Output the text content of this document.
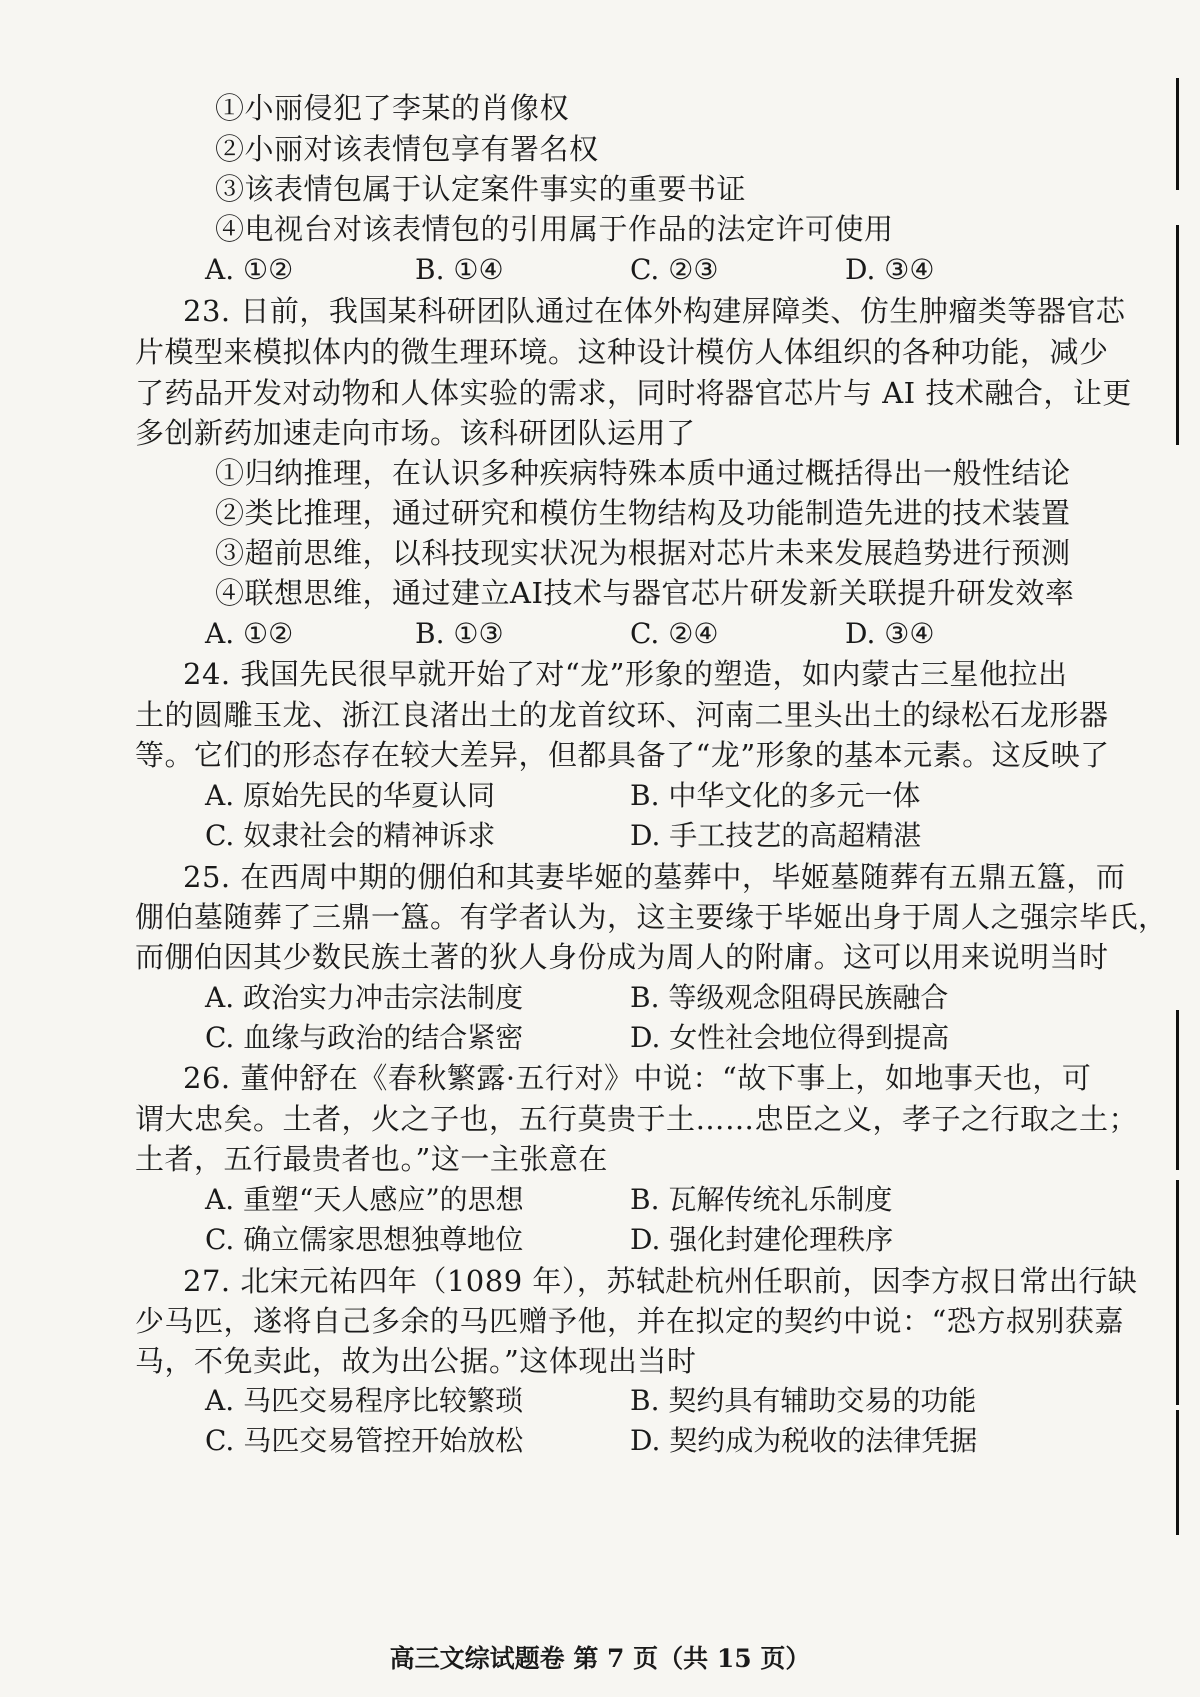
①小丽侵犯了李某的肖像权
②小丽对该表情包享有署名权
③该表情包属于认定案件事实的重要书证
④电视台对该表情包的引用属于作品的法定许可使用
A. ①②	B. ①④	C. ②③	D. ③④
23. 日前，我国某科研团队通过在体外构建屏障类、仿生肿瘤类等器官芯
片模型来模拟体内的微生理环境。这种设计模仿人体组织的各种功能，减少
了药品开发对动物和人体实验的需求，同时将器官芯片与 AI 技术融合，让更
多创新药加速走向市场。该科研团队运用了
①归纳推理，在认识多种疾病特殊本质中通过概括得出一般性结论
②类比推理，通过研究和模仿生物结构及功能制造先进的技术装置
③超前思维，以科技现实状况为根据对芯片未来发展趋势进行预测
④联想思维，通过建立AI技术与器官芯片研发新关联提升研发效率
A. ①②	B. ①③	C. ②④	D. ③④
24. 我国先民很早就开始了对“龙”形象的塑造，如内蒙古三星他拉出
土的圆雕玉龙、浙江良渚出土的龙首纹环、河南二里头出土的绿松石龙形器
等。它们的形态存在较大差异，但都具备了“龙”形象的基本元素。这反映了
A. 原始先民的华夏认同	B. 中华文化的多元一体
C. 奴隶社会的精神诉求	D. 手工技艺的高超精湛
25. 在西周中期的倗伯和其妻毕姬的墓葬中，毕姬墓随葬有五鼎五簋，而
倗伯墓随葬了三鼎一簋。有学者认为，这主要缘于毕姬出身于周人之强宗毕氏，
而倗伯因其少数民族土著的狄人身份成为周人的附庸。这可以用来说明当时
A. 政治实力冲击宗法制度	B. 等级观念阻碍民族融合
C. 血缘与政治的结合紧密	D. 女性社会地位得到提高
26. 董仲舒在《春秋繁露·五行对》中说：“故下事上，如地事天也，可
谓大忠矣。土者，火之子也，五行莫贵于土……忠臣之义，孝子之行取之土；
土者，五行最贵者也。”这一主张意在
A. 重塑“天人感应”的思想	B. 瓦解传统礼乐制度
C. 确立儒家思想独尊地位	D. 强化封建伦理秩序
27. 北宋元祐四年（1089 年），苏轼赴杭州任职前，因李方叔日常出行缺
少马匹，遂将自己多余的马匹赠予他，并在拟定的契约中说：“恐方叔别获嘉
马，不免卖此，故为出公据。”这体现出当时
A. 马匹交易程序比较繁琐	B. 契约具有辅助交易的功能
C. 马匹交易管控开始放松	D. 契约成为税收的法律凭据
高三文综试题卷 第 7 页（共 15 页）
